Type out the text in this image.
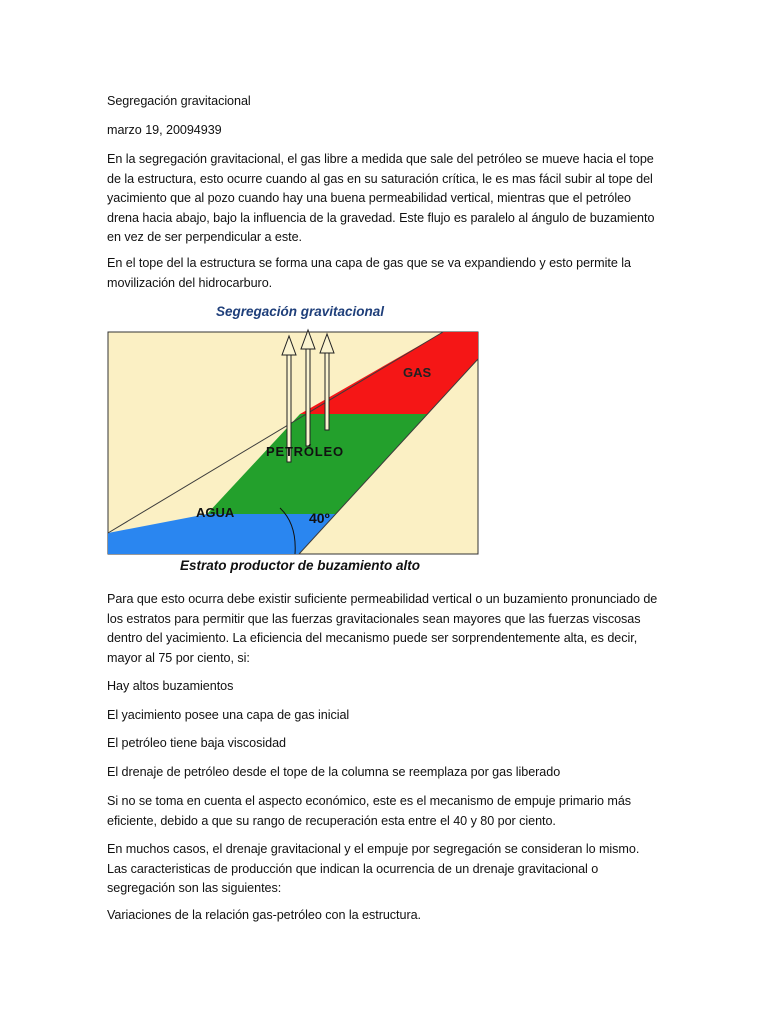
Segregación gravitacional

marzo 19, 20094939

En la segregación gravitacional, el gas libre a medida que sale del petróleo se mueve hacia el tope de la estructura, esto ocurre cuando al gas en su saturación crítica, le es mas fácil subir al tope del yacimiento que al pozo cuando hay una buena permeabilidad vertical, mientras que el petróleo drena hacia abajo, bajo la influencia de la gravedad. Este flujo es paralelo al ángulo de buzamiento en vez de ser perpendicular a este.

En el tope del la estructura se forma una capa de gas que se va expandiendo y esto permite la movilización del hidrocarburo.

Segregación gravitacional
GAS
PETRÓLEO
AGUA	40º
Estrato productor de buzamiento alto

Para que esto ocurra debe existir suficiente permeabilidad vertical o un buzamiento pronunciado de los estratos para permitir que las fuerzas gravitacionales sean mayores que las fuerzas viscosas dentro del yacimiento. La eficiencia del mecanismo puede ser sorprendentemente alta, es decir, mayor al 75 por ciento, si:

Hay altos buzamientos

El yacimiento posee una capa de gas inicial

El petróleo tiene baja viscosidad

El drenaje de petróleo desde el tope de la columna se reemplaza por gas liberado

Si no se toma en cuenta el aspecto económico, este es el mecanismo de empuje primario más eficiente, debido a que su rango de recuperación esta entre el 40 y 80 por ciento.

En muchos casos, el drenaje gravitacional y el empuje por segregación se consideran lo mismo. Las caracteristicas de producción que indican la ocurrencia de un drenaje gravitacional o segregación son las siguientes:

Variaciones de la relación gas-petróleo con la estructura.
